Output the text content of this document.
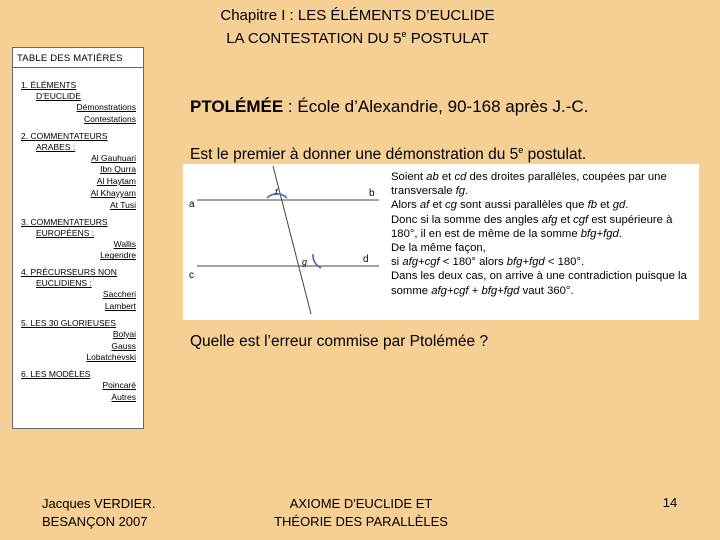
Chapitre I : LES ÉLÉMENTS D’EUCLIDE
LA CONTESTATION DU 5e POSTULAT
TABLE DES MATIÈRES
1. ÉLÉMENTS
D’EUCLIDE
Démonstrations
Contestations
2. COMMENTATEURS
ARABES :
Al Gauhuari
Ibn Qurra
Al Haytam
Al Khayyam
At Tusi
3. COMMENTATEURS
EUROPÉENS :
Wallis
Legendre
4. PRÉCURSEURS NON
EUCLIDIENS :
Saccheri
Lambert
5. LES 30 GLORIEUSES
Bolyai
Gauss
Lobatchevski
6. LES MODÈLES
Poincaré
Autres
PTOLÉMÉE : École d’Alexandrie, 90-168 après J.-C.
Est le premier à donner une démonstration du 5e postulat.
a
b
c
d
f
g
Soient ab et cd des droites parallèles, coupées par une transversale fg.
Alors af et cg sont aussi parallèles que fb et gd.
Donc si la somme des angles afg et cgf est supérieure à 180°, il en est de même de la somme bfg+fgd.
De la même façon,
si afg+cgf < 180° alors bfg+fgd < 180°.
Dans les deux cas, on arrive à une contradiction puisque la somme afg+cgf + bfg+fgd vaut 360°.
Quelle est l’erreur commise par Ptolémée ?
Jacques VERDIER.
BESANÇON 2007
AXIOME D'EUCLIDE ET
THÉORIE DES PARALLÈLES
14
